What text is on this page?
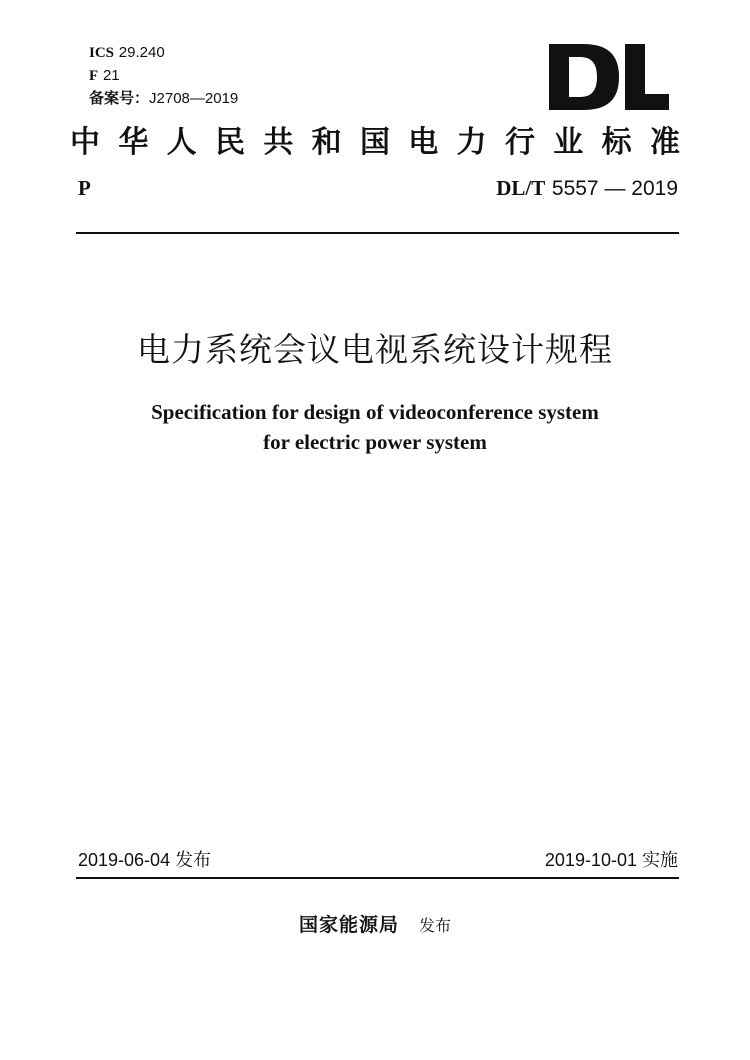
ICS 29.240
F 21
备案号：J2708—2019
中 华 人 民 共 和 国 电 力 行 业 标 准
P	DL/T 5557 — 2019
电力系统会议电视系统设计规程
Specification for design of videoconference system
for electric power system
2019-06-04 发布	2019-10-01 实施
国家能源局 发布
